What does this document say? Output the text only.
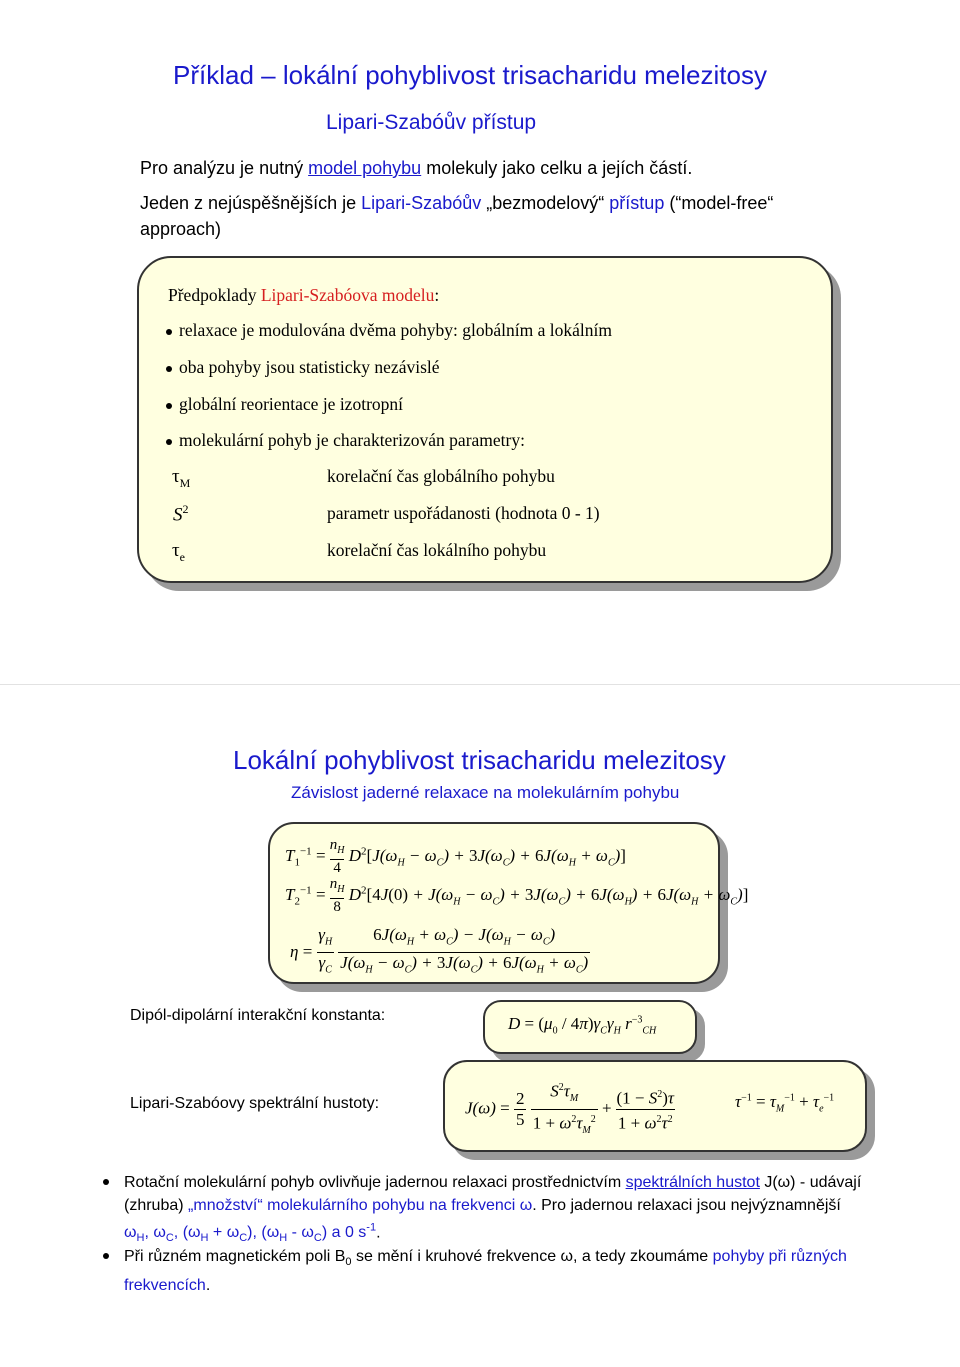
Příklad – lokální pohyblivost trisacharidu melezitosy
Lipari-Szabóův přístup
Pro analýzu je nutný model pohybu molekuly jako celku a jejích částí.
Jeden z nejúspěšnějších je Lipari-Szabóův „bezmodelový“ přístup (“model-free“ approach)
Předpoklady Lipari-Szabóova modelu:
relaxace je modulována dvěma pohyby: globálním a lokálním
oba pohyby jsou statisticky nezávislé
globální reorientace je izotropní
molekulární pohyb je charakterizován parametry:
$\tau_M$	korelační čas globálního pohybu
$S^2$	parametr uspořádanosti (hodnota 0 - 1)
$\tau_e$	korelační čas lokálního pohybu
Lokální pohyblivost trisacharidu melezitosy
Závislost jaderné relaxace na molekulárním pohybu
$T_1^{-1} = n_H$
4 $D^2[J(\omega_H - \omega_C) + 3J(\omega_C) + 6J(\omega_H + \omega_C)]$
$T_2^{-1} = n_H$
8 $D^2[4J(0) + J(\omega_H - \omega_C) + 3J(\omega_C) + 6J(\omega_H) + 6J(\omega_H + \omega_C)]$
$\eta = \gamma_H$
$\gamma_C \frac{6J(\omega_H + \omega_C) - J(\omega_H - \omega_C)}{J(\omega_H - \omega_C) + 3J(\omega_C) + 6J(\omega_H + \omega_C)}$
Dipól-dipolární interakční konstanta:	$D = (\mu_0 / 4\pi)\gamma_C\gamma_H$ $r^{-3}_{CH}$
Lipari-Szabóovy spektrální hustoty:	J(ω) = 2
5 $S^2\tau_M$
$1 + \omega^2\tau_M^2 + (1 - S^2)\tau$
$1 + \omega^2\tau^2$
$\tau^{-1} = \tau_M^{-1} + \tau_e^{-1}$
Rotační molekulární pohyb ovlivňuje jadernou relaxaci prostřednictvím spektrálních hustot J(ω) - udávají (zhruba) „množství“ molekulárního pohybu na frekvenci ω. Pro jadernou relaxaci jsou nejvýznamnější $\omega_H$, $\omega_C$, $(\omega_H + \omega_C)$, $(\omega_H - \omega_C)$ a 0 $s^{-1}$.
Při různém magnetickém poli $B_0$ se mění i kruhové frekvence ω, a tedy zkoumáme pohyby při různých frekvencích.
